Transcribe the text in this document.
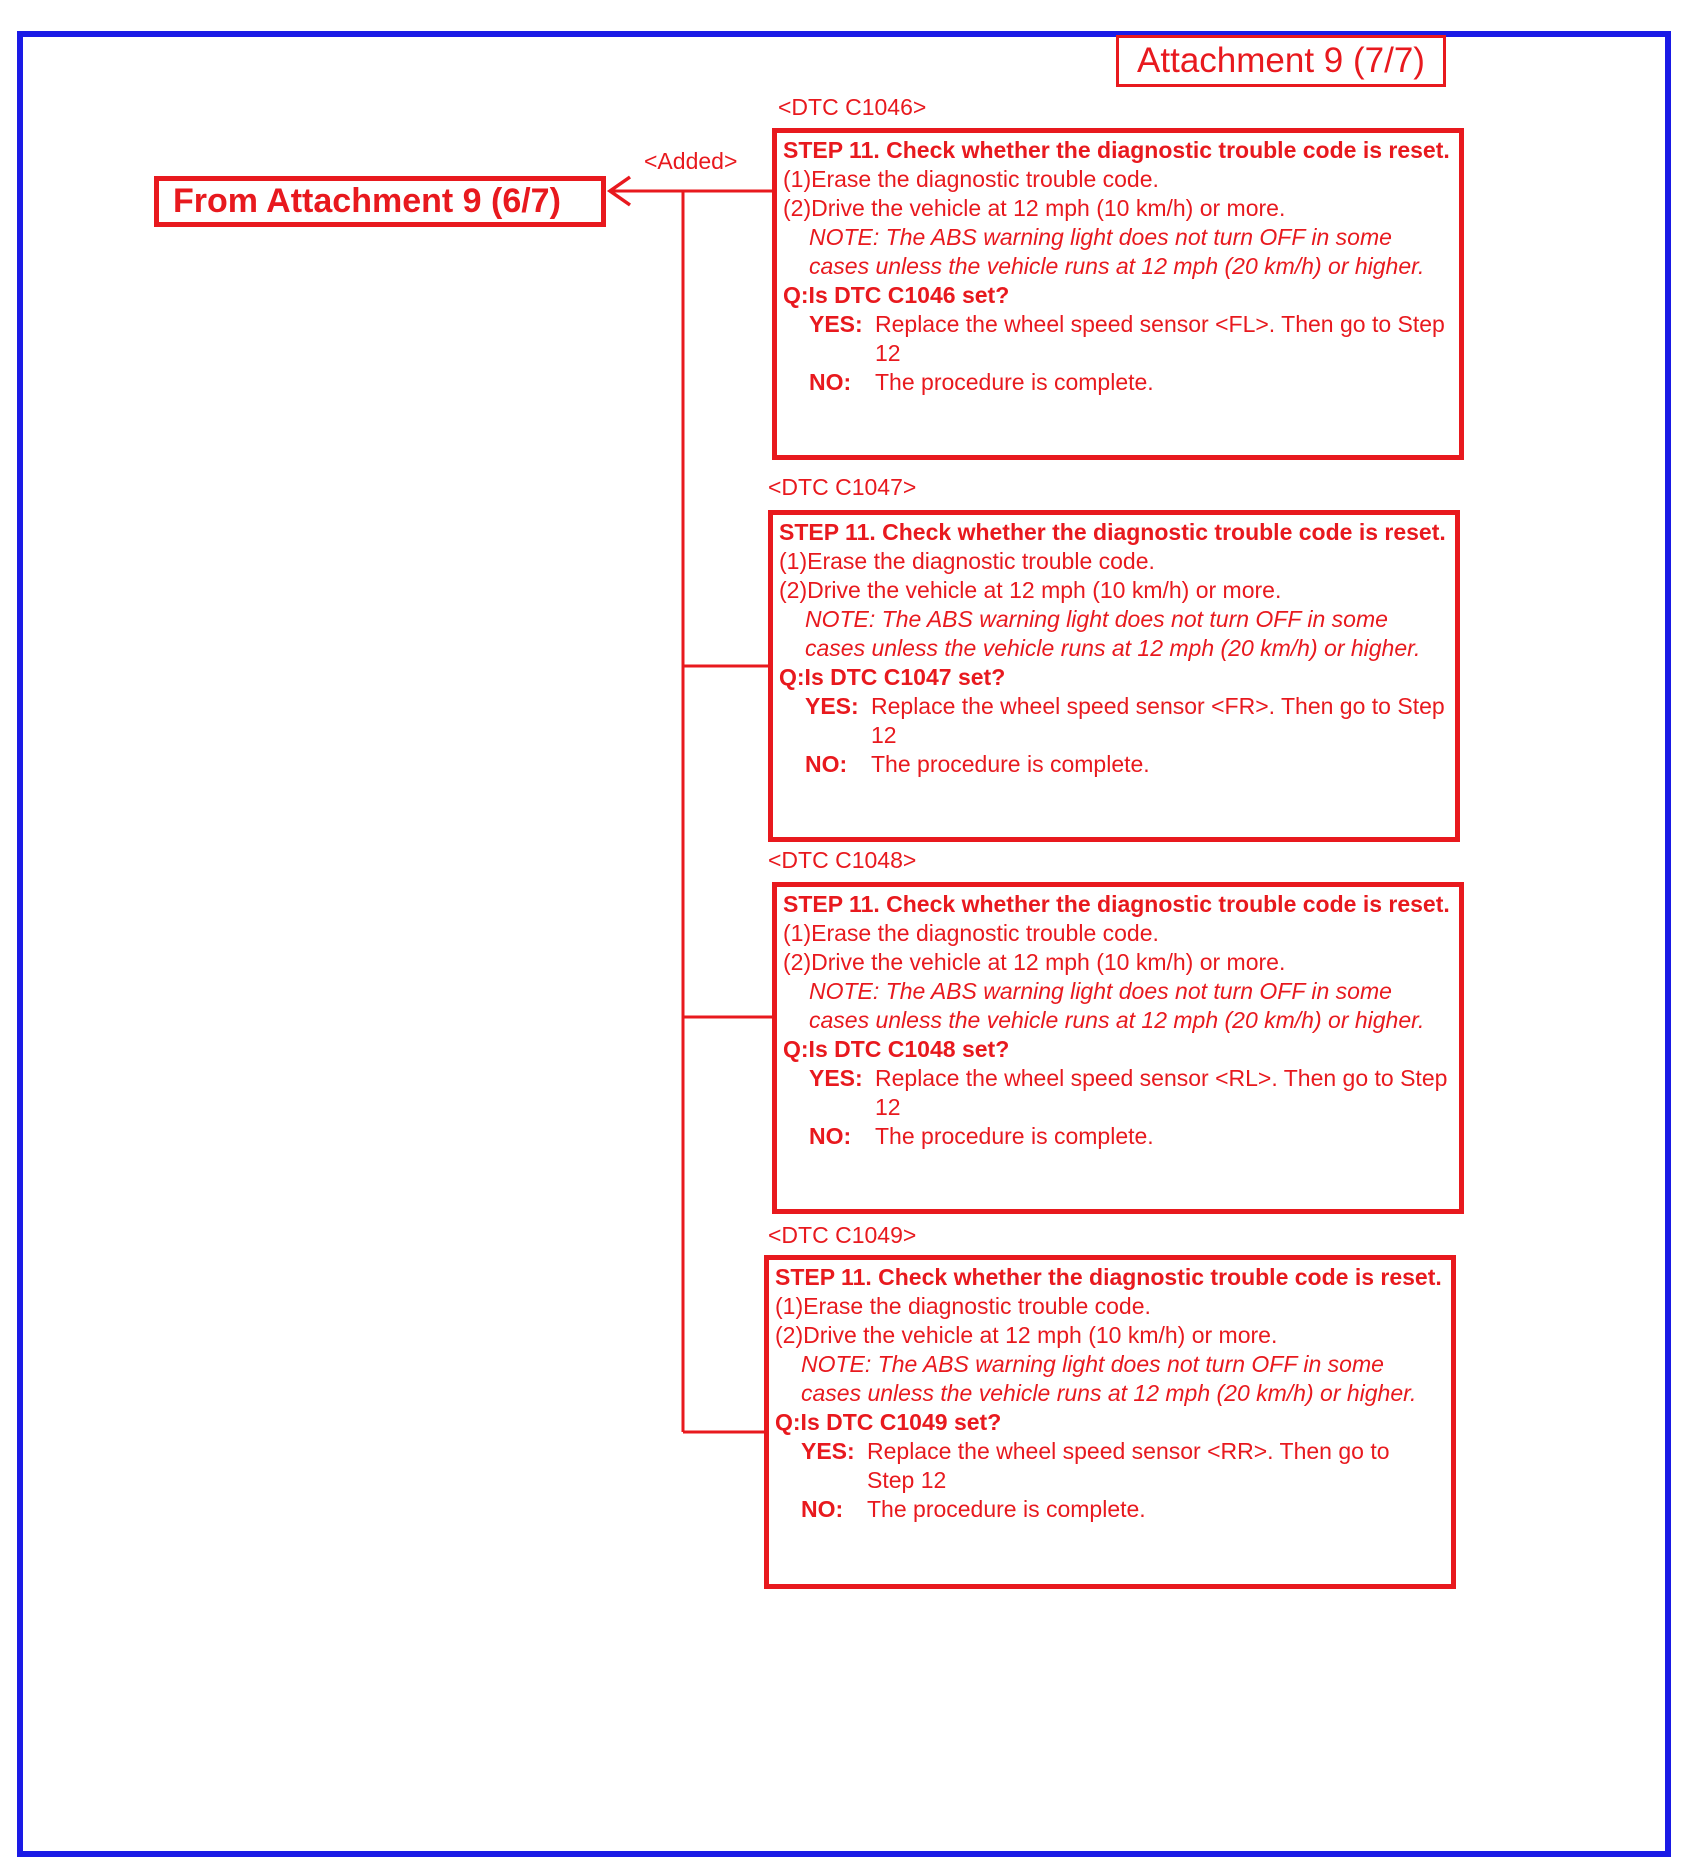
Attachment 9 (7/7)
From Attachment 9 (6/7)
<Added>
<DTC C1046>
<DTC C1047>
<DTC C1048>
<DTC C1049>
STEP 11. Check whether the diagnostic trouble code is reset.
(1)Erase the diagnostic trouble code.
(2)Drive the vehicle at 12 mph (10 km/h) or more.
NOTE: The ABS warning light does not turn OFF in some cases unless the vehicle runs at 12 mph (20 km/h) or higher.
Q:Is DTC C1046 set?
YES: Replace the wheel speed sensor <FL>. Then go to Step 12
NO:	The procedure is complete.
STEP 11. Check whether the diagnostic trouble code is reset.
(1)Erase the diagnostic trouble code.
(2)Drive the vehicle at 12 mph (10 km/h) or more.
NOTE: The ABS warning light does not turn OFF in some cases unless the vehicle runs at 12 mph (20 km/h) or higher.
Q:Is DTC C1047 set?
YES: Replace the wheel speed sensor <FR>. Then go to Step 12
NO:	The procedure is complete.
STEP 11. Check whether the diagnostic trouble code is reset.
(1)Erase the diagnostic trouble code.
(2)Drive the vehicle at 12 mph (10 km/h) or more.
NOTE: The ABS warning light does not turn OFF in some cases unless the vehicle runs at 12 mph (20 km/h) or higher.
Q:Is DTC C1048 set?
YES: Replace the wheel speed sensor <RL>. Then go to Step 12
NO:	The procedure is complete.
STEP 11. Check whether the diagnostic trouble code is reset.
(1)Erase the diagnostic trouble code.
(2)Drive the vehicle at 12 mph (10 km/h) or more.
NOTE: The ABS warning light does not turn OFF in some cases unless the vehicle runs at 12 mph (20 km/h) or higher.
Q:Is DTC C1049 set?
YES: Replace the wheel speed sensor <RR>. Then go to Step 12
NO:	The procedure is complete.
